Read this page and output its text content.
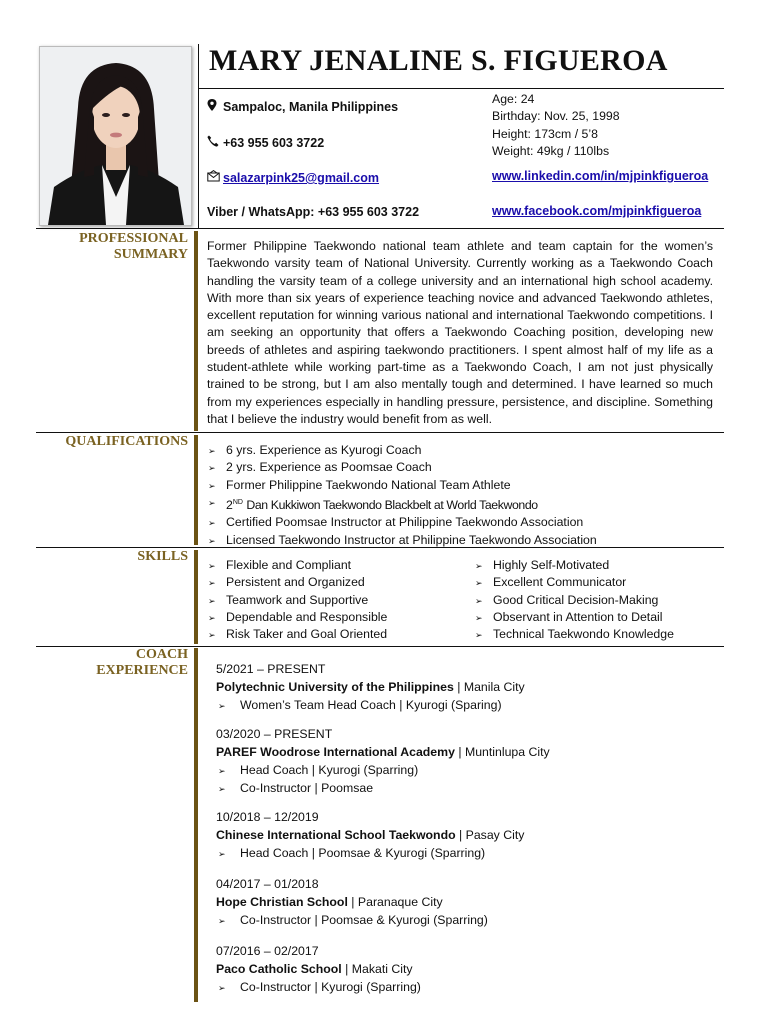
MARY JENALINE S. FIGUEROA
Sampaloc, Manila Philippines
+63 955 603 3722
salazarpink25@gmail.com
Viber / WhatsApp: +63 955 603 3722
Age: 24
Birthday: Nov. 25, 1998
Height: 173cm / 5’8
Weight: 49kg / 110lbs
www.linkedin.com/in/mjpinkfigueroa
www.facebook.com/mjpinkfigueroa
PROFESSIONAL
SUMMARY
Former Philippine Taekwondo national team athlete and team captain for the women’s Taekwondo varsity team of National University. Currently working as a Taekwondo Coach handling the varsity team of a college university and an international high school academy. With more than six years of experience teaching novice and advanced Taekwondo athletes, excellent reputation for winning various national and international Taekwondo competitions. I am seeking an opportunity that offers a Taekwondo Coaching position, developing new breeds of athletes and aspiring taekwondo practitioners. I spent almost half of my life as a student-athlete while working part-time as a Taekwondo Coach, I am not just physically trained to be strong, but I am also mentally tough and determined. I have learned so much from my experiences especially in handling pressure, persistence, and discipline. Something that I believe the industry would benefit from as well.
QUALIFICATIONS
➢ 6 yrs. Experience as Kyurogi Coach
➢ 2 yrs. Experience as Poomsae Coach
➢ Former Philippine Taekwondo National Team Athlete
➢ 2ND Dan Kukkiwon Taekwondo Blackbelt at World Taekwondo
➢ Certified Poomsae Instructor at Philippine Taekwondo Association
➢ Licensed Taekwondo Instructor at Philippine Taekwondo Association
SKILLS
➢ Flexible and Compliant
➢ Persistent and Organized
➢ Teamwork and Supportive
➢ Dependable and Responsible
➢ Risk Taker and Goal Oriented
➢ Highly Self-Motivated
➢ Excellent Communicator
➢ Good Critical Decision-Making
➢ Observant in Attention to Detail
➢ Technical Taekwondo Knowledge
COACH
EXPERIENCE 5/2021 – PRESENT
Polytechnic University of the Philippines | Manila City
➢ Women’s Team Head Coach | Kyurogi (Sparing)
03/2020 – PRESENT
PAREF Woodrose International Academy | Muntinlupa City
➢ Head Coach | Kyurogi (Sparring)
➢ Co-Instructor | Poomsae
10/2018 – 12/2019
Chinese International School Taekwondo | Pasay City
➢ Head Coach | Poomsae & Kyurogi (Sparring)
04/2017 – 01/2018
Hope Christian School | Paranaque City
➢ Co-Instructor | Poomsae & Kyurogi (Sparring)
07/2016 – 02/2017
Paco Catholic School | Makati City
➢ Co-Instructor | Kyurogi (Sparring)
